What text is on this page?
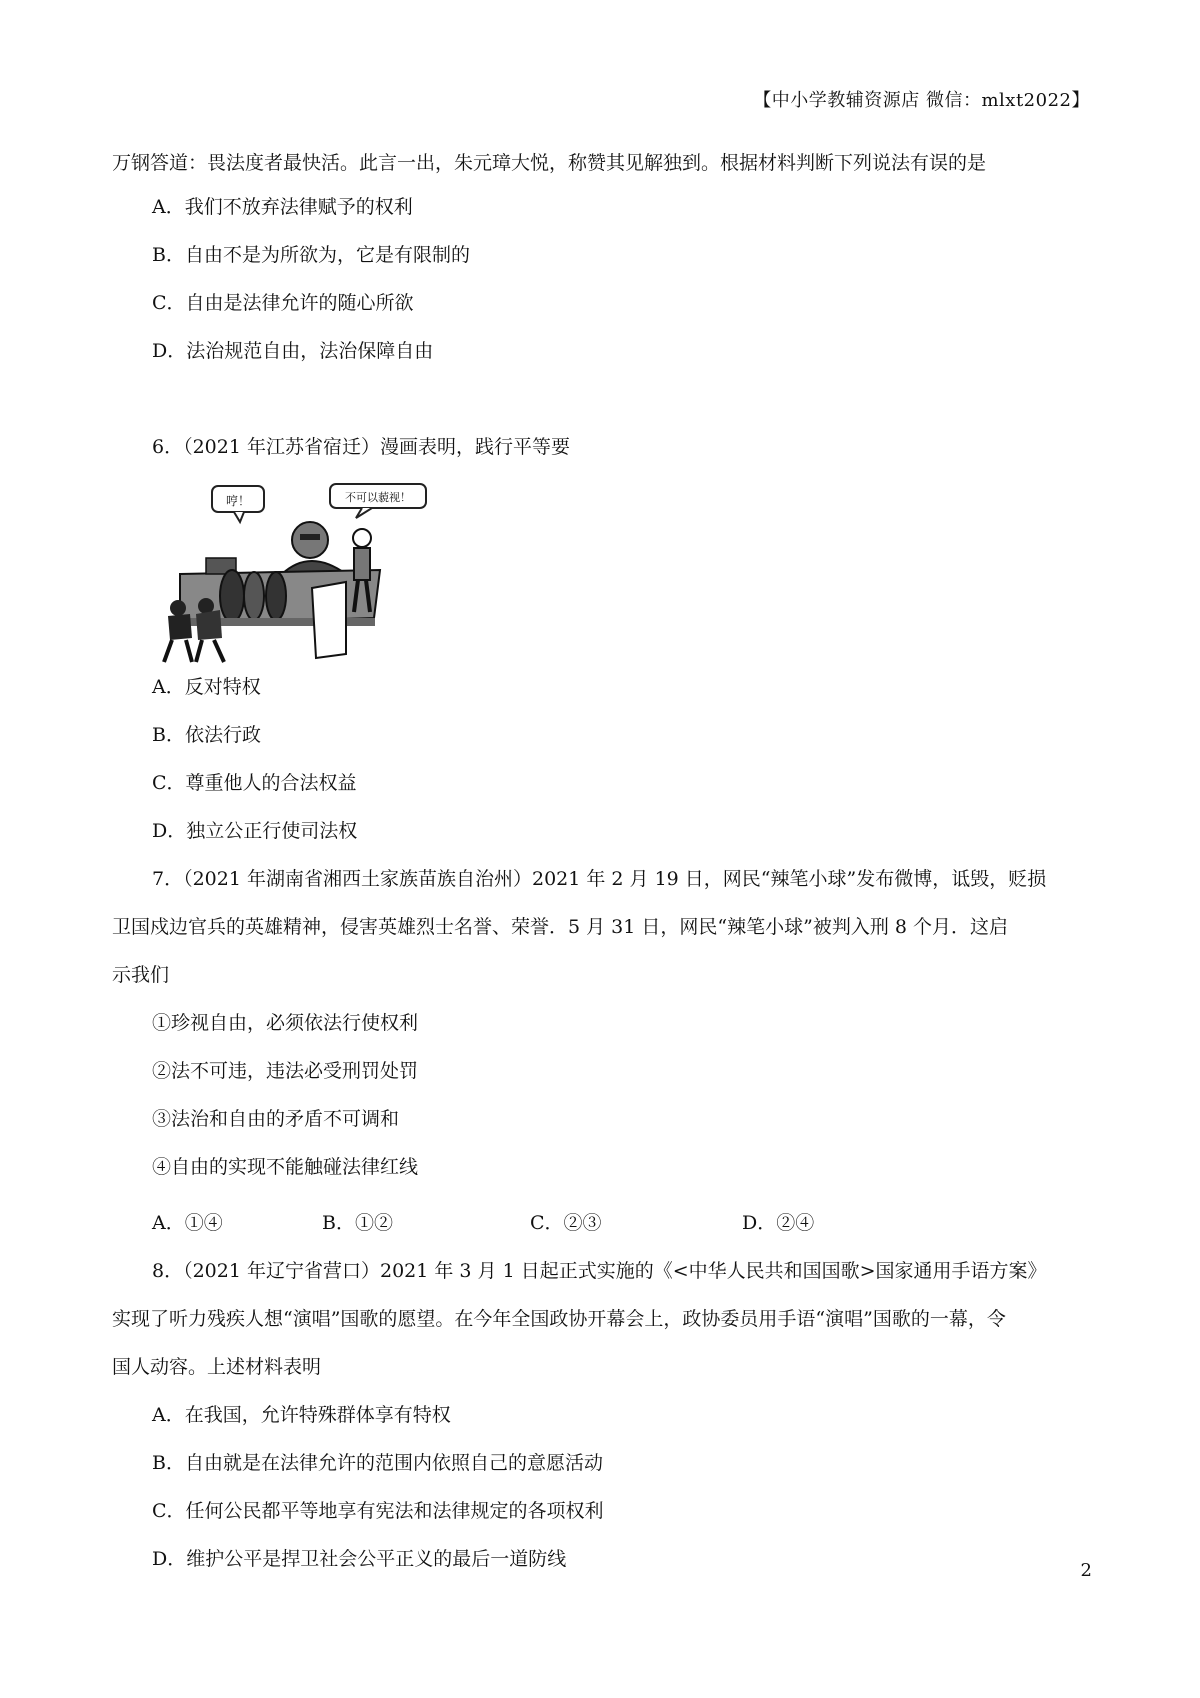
【中小学教辅资源店 微信：mlxt2022】
万钢答道：畏法度者最快活。此言一出，朱元璋大悦，称赞其见解独到。根据材料判断下列说法有误的是
A．我们不放弃法律赋予的权利
B．自由不是为所欲为，它是有限制的
C．自由是法律允许的随心所欲
D．法治规范自由，法治保障自由
6．（2021 年江苏省宿迁）漫画表明，践行平等要
哼！	不可以藐视！
A．反对特权
B．依法行政
C．尊重他人的合法权益
D．独立公正行使司法权
7．（2021 年湖南省湘西土家族苗族自治州）2021 年 2 月 19 日，网民“辣笔小球”发布微博，诋毁，贬损
卫国戍边官兵的英雄精神，侵害英雄烈士名誉、荣誉．5 月 31 日，网民“辣笔小球”被判入刑 8 个月．这启
示我们
①珍视自由，必须依法行使权利
②法不可违，违法必受刑罚处罚
③法治和自由的矛盾不可调和
④自由的实现不能触碰法律红线
A．①④	B．①②	C．②③	D．②④
8．（2021 年辽宁省营口）2021 年 3 月 1 日起正式实施的《<中华人民共和国国歌>国家通用手语方案》
实现了听力残疾人想“演唱”国歌的愿望。在今年全国政协开幕会上，政协委员用手语“演唱”国歌的一幕，令
国人动容。上述材料表明
A．在我国，允许特殊群体享有特权
B．自由就是在法律允许的范围内依照自己的意愿活动
C．任何公民都平等地享有宪法和法律规定的各项权利
D．维护公平是捍卫社会公平正义的最后一道防线
2
